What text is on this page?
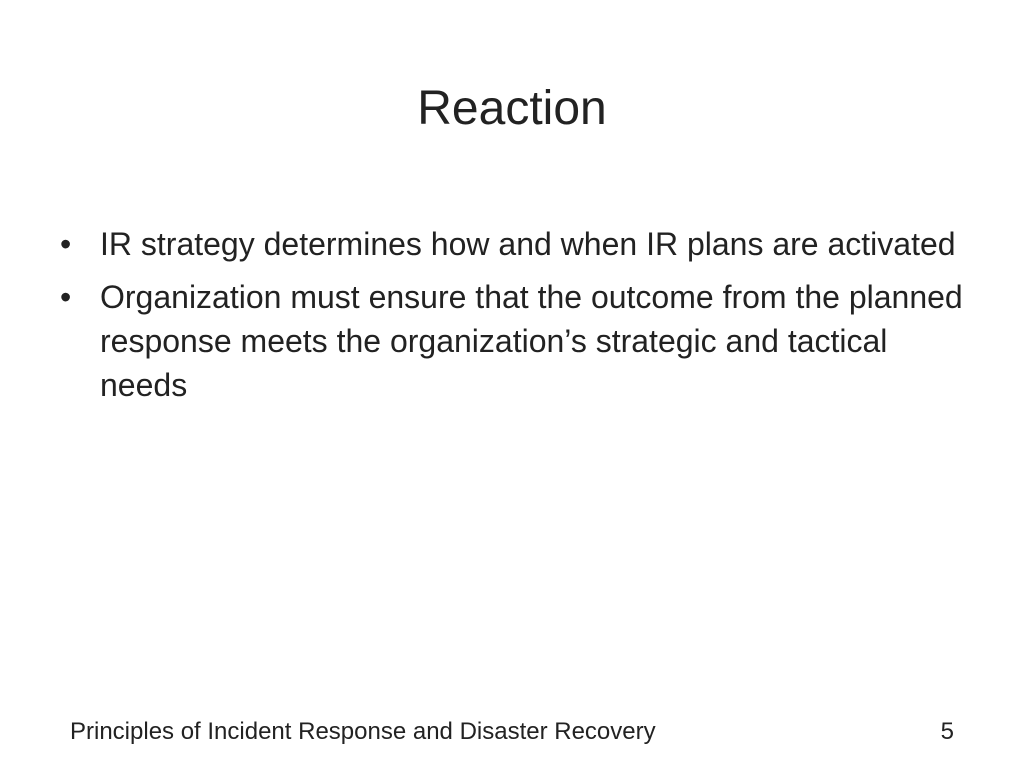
Reaction
• IR strategy determines how and when IR plans are activated
• Organization must ensure that the outcome from the planned response meets the organization’s strategic and tactical needs
Principles of Incident Response and Disaster Recovery	5
